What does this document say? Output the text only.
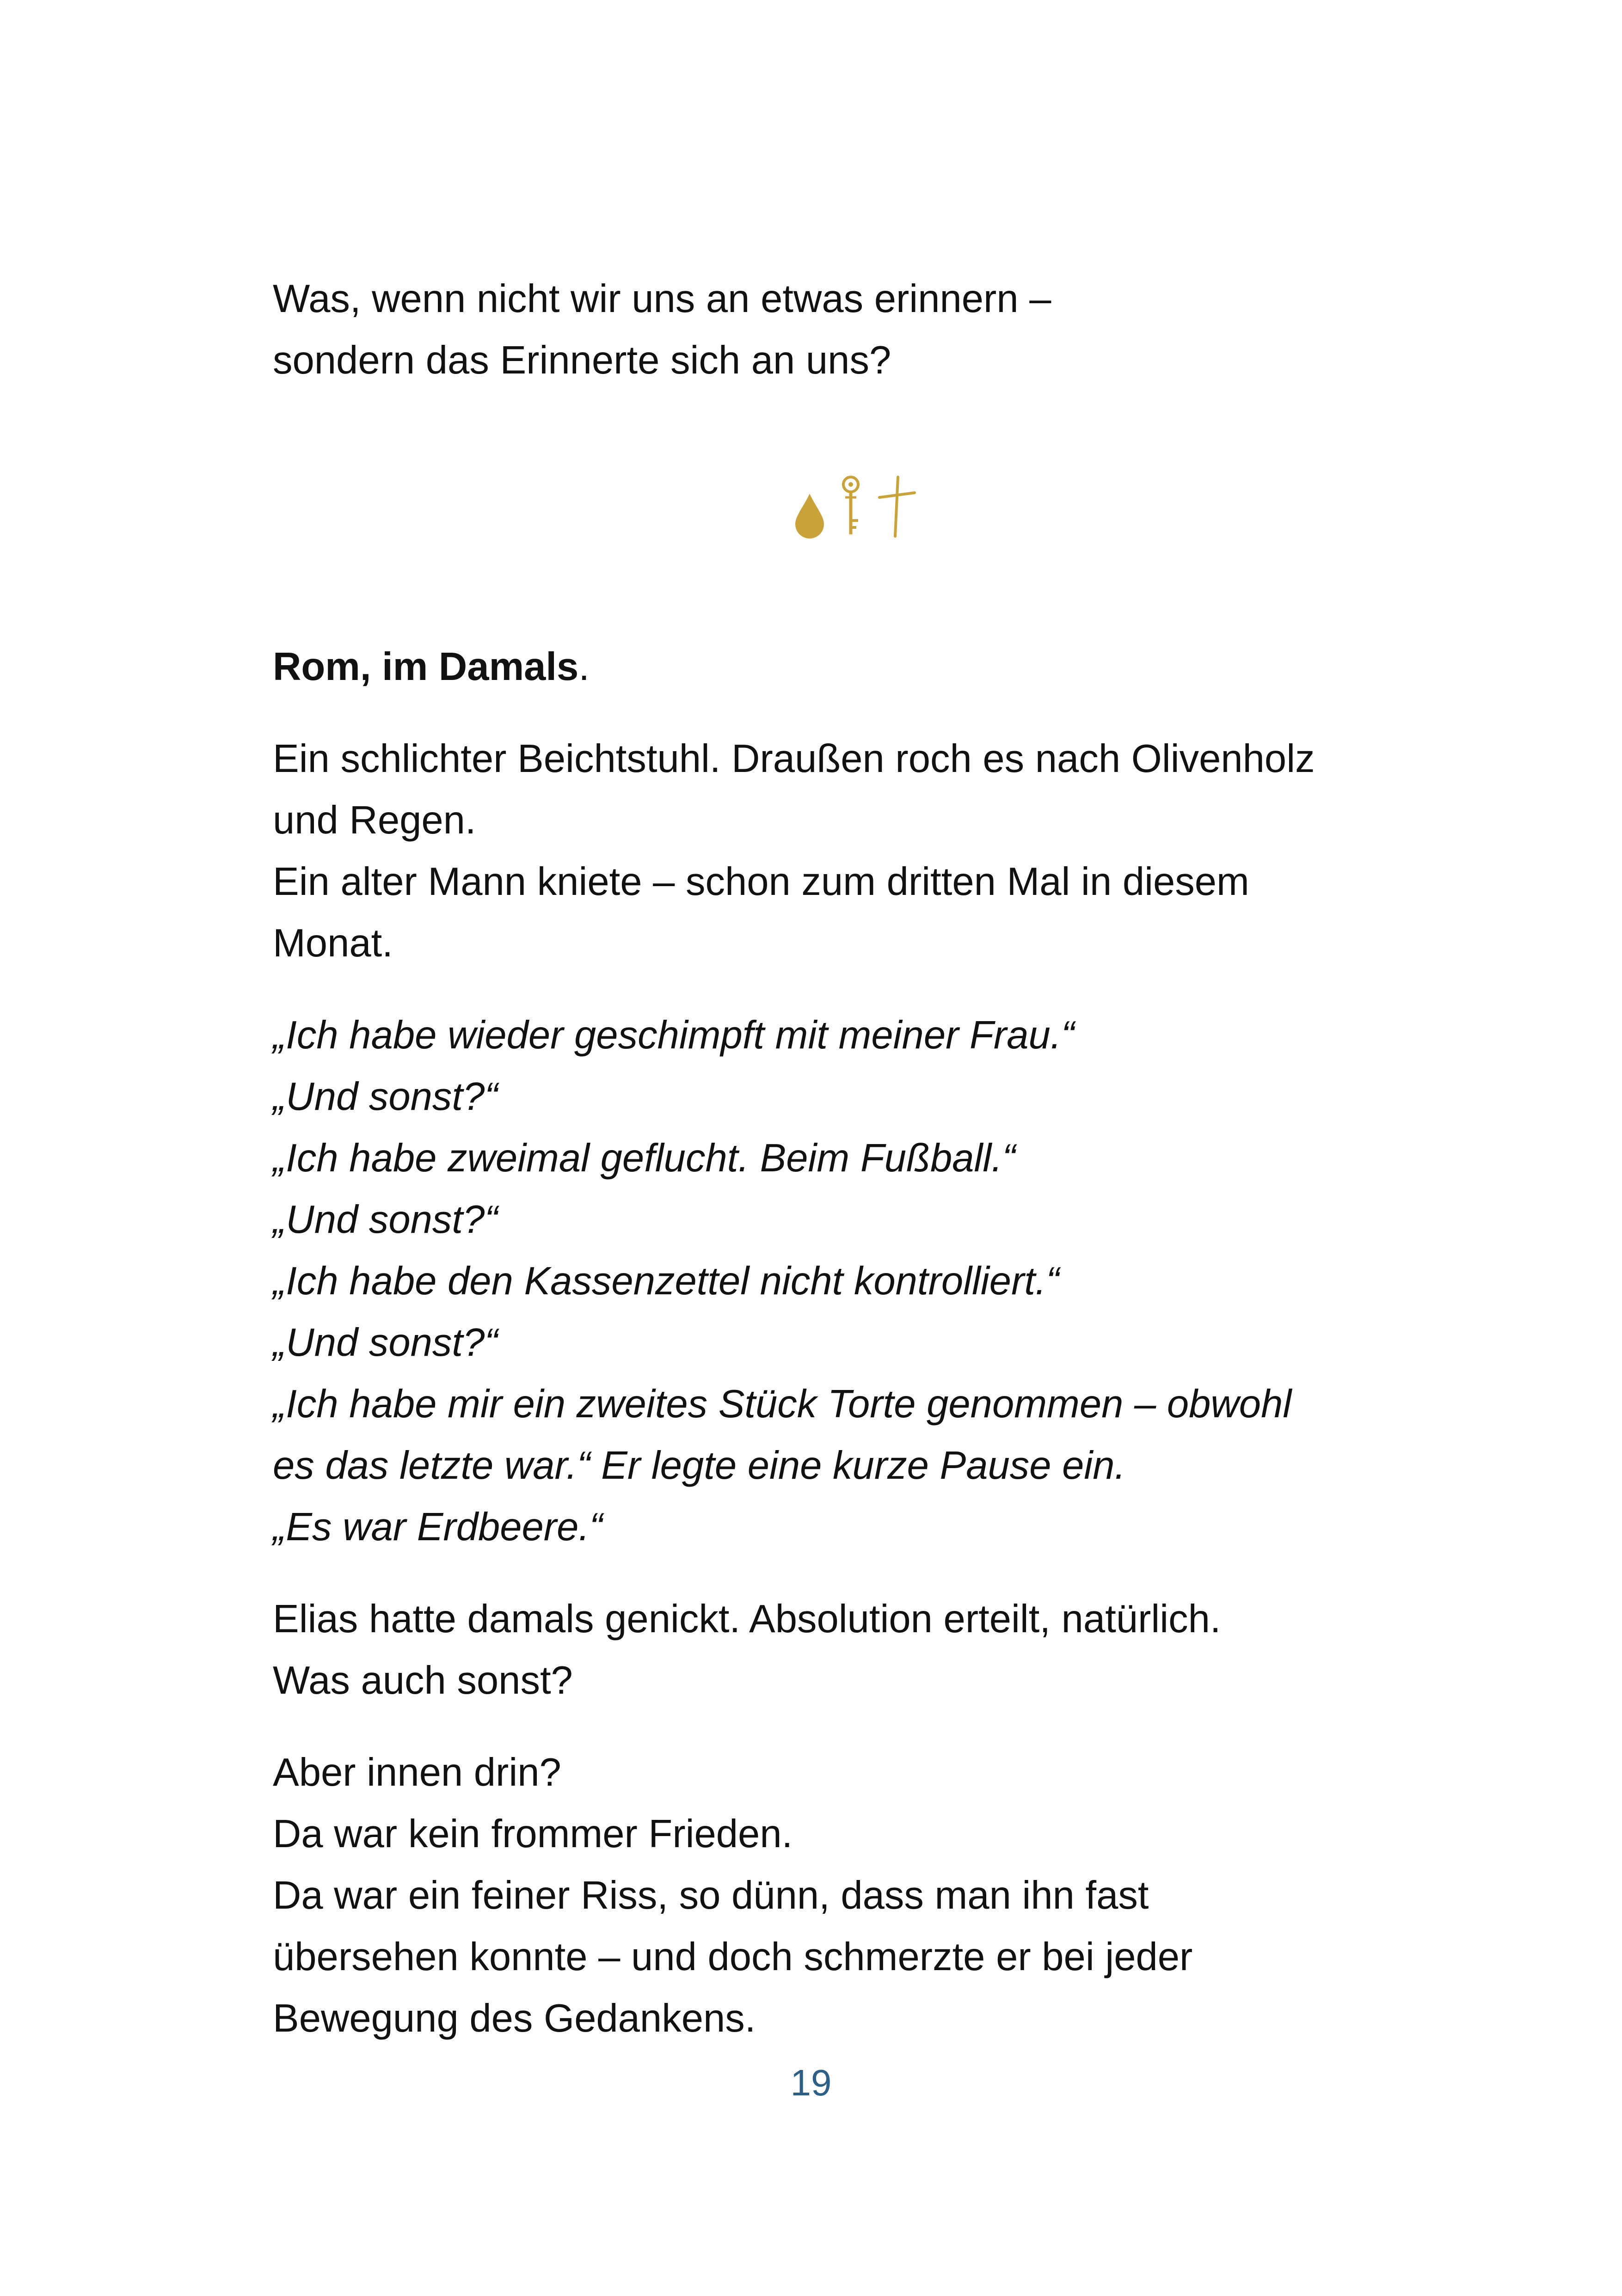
Was, wenn nicht wir uns an etwas erinnern –
sondern das Erinnerte sich an uns?

Rom, im Damals.

Ein schlichter Beichtstuhl. Draußen roch es nach Olivenholz
und Regen.
Ein alter Mann kniete – schon zum dritten Mal in diesem
Monat.

„Ich habe wieder geschimpft mit meiner Frau.“
„Und sonst?“
„Ich habe zweimal geflucht. Beim Fußball.“
„Und sonst?“
„Ich habe den Kassenzettel nicht kontrolliert.“
„Und sonst?“
„Ich habe mir ein zweites Stück Torte genommen – obwohl
es das letzte war.“ Er legte eine kurze Pause ein.
„Es war Erdbeere.“

Elias hatte damals genickt. Absolution erteilt, natürlich.
Was auch sonst?

Aber innen drin?
Da war kein frommer Frieden.
Da war ein feiner Riss, so dünn, dass man ihn fast
übersehen konnte – und doch schmerzte er bei jeder
Bewegung des Gedankens.

19
